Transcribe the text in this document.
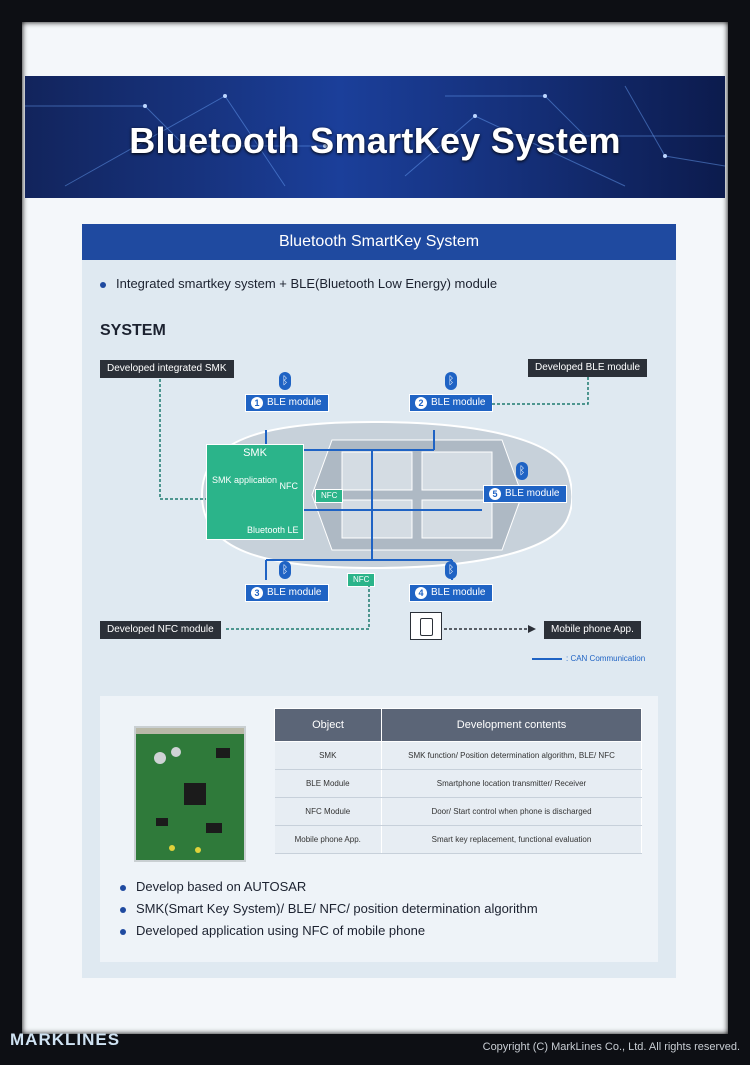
Bluetooth SmartKey System
Bluetooth SmartKey System
Integrated smartkey system + BLE(Bluetooth Low Energy) module
SYSTEM
SMK
SMK application
NFC
Bluetooth LE
Developed integrated SMK	Developed BLE module
Developed NFC module	Mobile phone App.
ᛒ	ᛒ
ᛒ
ᛒ	ᛒ
1 BLE module	2 BLE module
3 BLE module	4 BLE module
5 BLE module
NFC
NFC
: CAN Communication
Object	Development contents
SMK	SMK function/ Position determination algorithm, BLE/ NFC
BLE Module	Smartphone location transmitter/ Receiver
NFC Module	Door/ Start control when phone is discharged
Mobile phone App.	Smart key replacement, functional evaluation
Develop based on AUTOSAR
SMK(Smart Key System)/ BLE/ NFC/ position determination algorithm
Developed application using NFC of mobile phone
MARKLINES	Copyright (C) MarkLines Co., Ltd. All rights reserved.
